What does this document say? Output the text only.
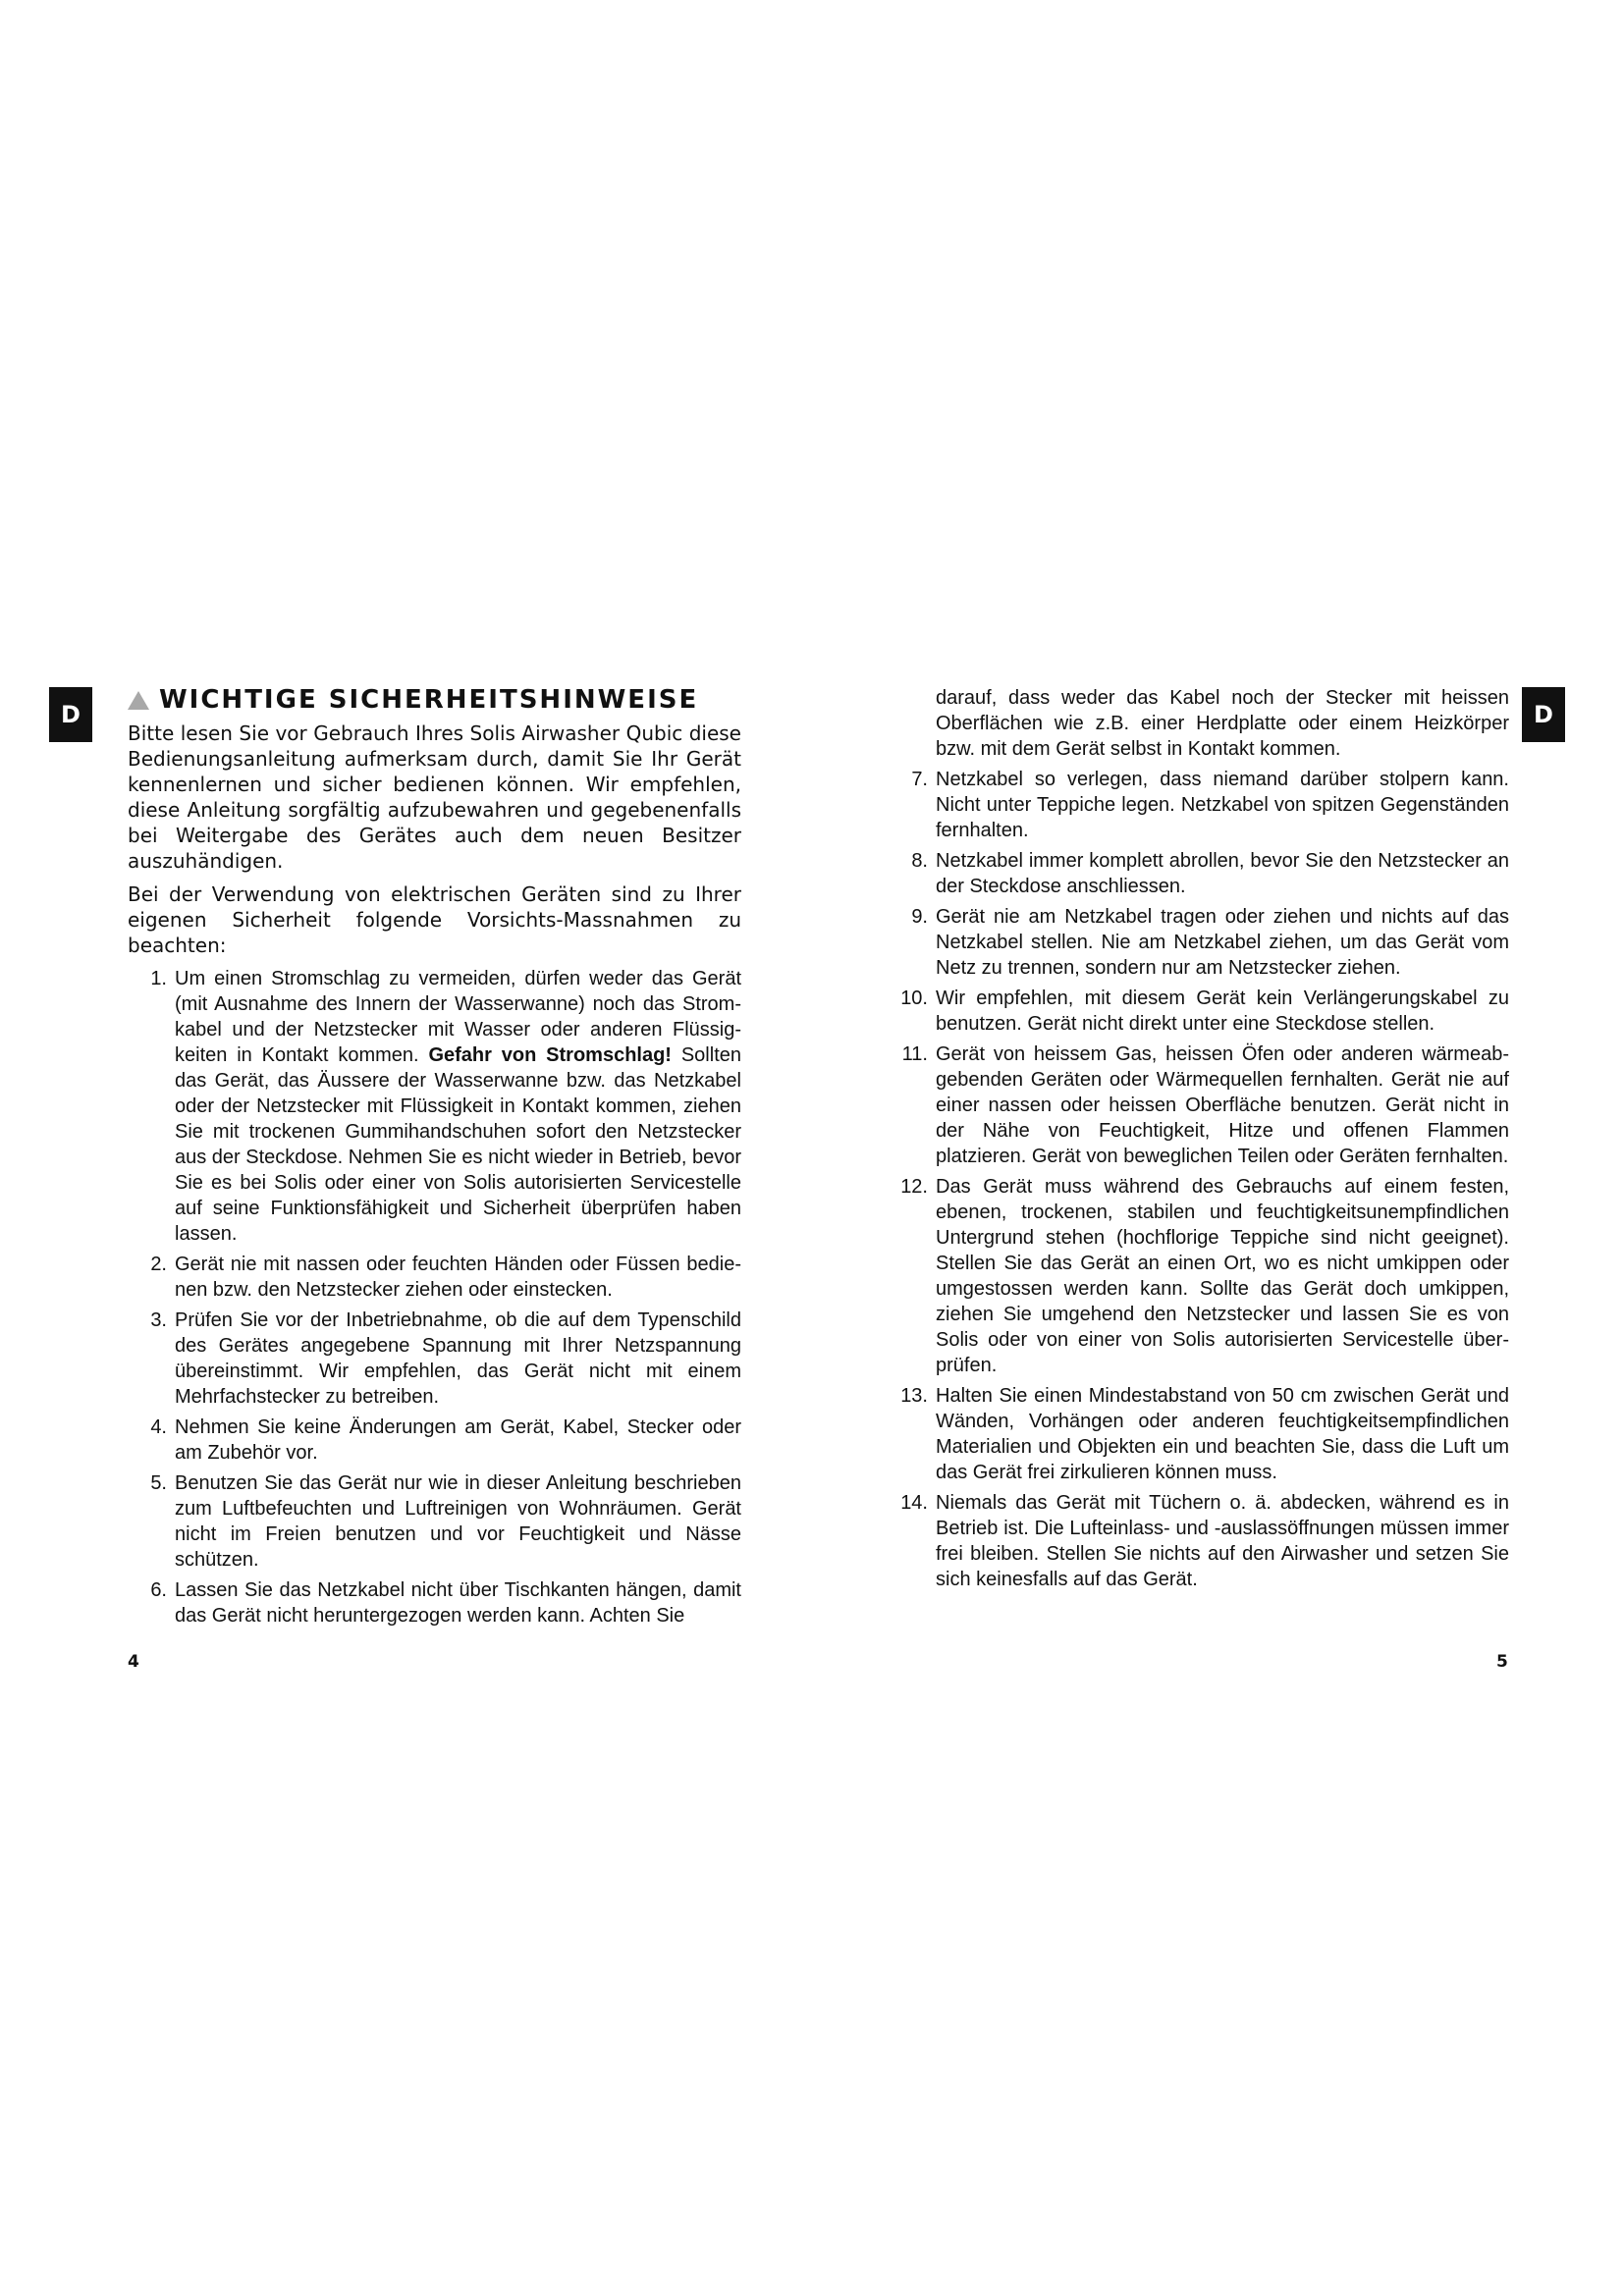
D	D
WICHTIGE SICHERHEITSHINWEISE

Bitte lesen Sie vor Gebrauch Ihres Solis Airwasher Qubic diese Bedienungsanleitung aufmerksam durch, damit Sie Ihr Gerät kennenlernen und sicher bedienen können. Wir empfehlen, diese Anleitung sorgfältig aufzubewahren und gegebenenfalls bei Weitergabe des Gerätes auch dem neuen Besitzer auszuhändigen.

Bei der Verwendung von elektrischen Geräten sind zu Ihrer eigenen Sicherheit folgende Vorsichts-Massnahmen zu beachten:

1. Um einen Stromschlag zu vermeiden, dürfen weder das Gerät (mit Ausnahme des Innern der Wasserwanne) noch das Stromkabel und der Netzstecker mit Wasser oder anderen Flüssigkeiten in Kontakt kommen. Gefahr von Stromschlag! Sollten das Gerät, das Äussere der Wasserwanne bzw. das Netzkabel oder der Netzstecker mit Flüssigkeit in Kontakt kommen, ziehen Sie mit trockenen Gummihandschuhen sofort den Netzstecker aus der Steckdose. Nehmen Sie es nicht wieder in Betrieb, bevor Sie es bei Solis oder einer von Solis autorisierten Servicestelle auf seine Funktionsfähigkeit und Sicherheit überprüfen haben lassen.
2. Gerät nie mit nassen oder feuchten Händen oder Füssen bedienen bzw. den Netzstecker ziehen oder einstecken.
3. Prüfen Sie vor der Inbetriebnahme, ob die auf dem Typenschild des Gerätes angegebene Spannung mit Ihrer Netzspannung übereinstimmt. Wir empfehlen, das Gerät nicht mit einem Mehrfachstecker zu betreiben.
4. Nehmen Sie keine Änderungen am Gerät, Kabel, Stecker oder am Zubehör vor.
5. Benutzen Sie das Gerät nur wie in dieser Anleitung beschrieben zum Luftbefeuchten und Luftreinigen von Wohnräumen. Gerät nicht im Freien benutzen und vor Feuchtigkeit und Nässe schützen.
6. Lassen Sie das Netzkabel nicht über Tischkanten hängen, damit das Gerät nicht heruntergezogen werden kann. Achten Sie

darauf, dass weder das Kabel noch der Stecker mit heissen Oberflächen wie z.B. einer Herdplatte oder einem Heizkörper bzw. mit dem Gerät selbst in Kontakt kommen.

7. Netzkabel so verlegen, dass niemand darüber stolpern kann. Nicht unter Teppiche legen. Netzkabel von spitzen Gegenständen fernhalten.
8. Netzkabel immer komplett abrollen, bevor Sie den Netzstecker an der Steckdose anschliessen.
9. Gerät nie am Netzkabel tragen oder ziehen und nichts auf das Netzkabel stellen. Nie am Netzkabel ziehen, um das Gerät vom Netz zu trennen, sondern nur am Netzstecker ziehen.
10. Wir empfehlen, mit diesem Gerät kein Verlängerungskabel zu benutzen. Gerät nicht direkt unter eine Steckdose stellen.
11. Gerät von heissem Gas, heissen Öfen oder anderen wärmeabgebenden Geräten oder Wärmequellen fernhalten. Gerät nie auf einer nassen oder heissen Oberfläche benutzen. Gerät nicht in der Nähe von Feuchtigkeit, Hitze und offenen Flammen platzieren. Gerät von beweglichen Teilen oder Geräten fernhalten.
12. Das Gerät muss während des Gebrauchs auf einem festen, ebenen, trockenen, stabilen und feuchtigkeitsunempfindlichen Untergrund stehen (hochflorige Teppiche sind nicht geeignet). Stellen Sie das Gerät an einen Ort, wo es nicht umkippen oder umgestossen werden kann. Sollte das Gerät doch umkippen, ziehen Sie umgehend den Netzstecker und lassen Sie es von Solis oder von einer von Solis autorisierten Servicestelle überprüfen.
13. Halten Sie einen Mindestabstand von 50 cm zwischen Gerät und Wänden, Vorhängen oder anderen feuchtigkeitsempfindlichen Materialien und Objekten ein und beachten Sie, dass die Luft um das Gerät frei zirkulieren können muss.
14. Niemals das Gerät mit Tüchern o. ä. abdecken, während es in Betrieb ist. Die Lufteinlass- und -auslassöffnungen müssen immer frei bleiben. Stellen Sie nichts auf den Airwasher und setzen Sie sich keinesfalls auf das Gerät.
4	5
